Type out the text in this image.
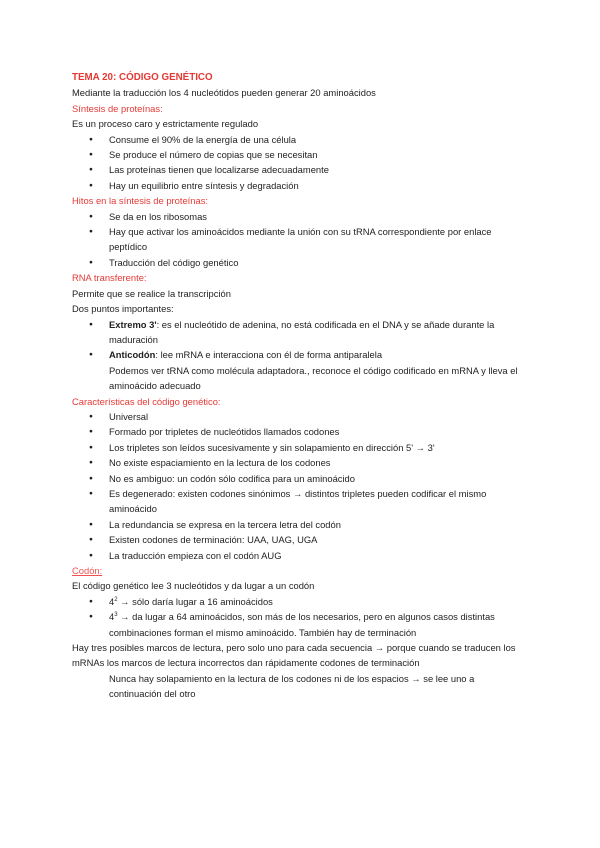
TEMA 20: CÓDIGO GENÉTICO

Mediante la traducción los 4 nucleótidos pueden generar 20 aminoácidos

Síntesis de proteínas:

Es un proceso caro y estrictamente regulado

● Consume el 90% de la energía de una célula
● Se produce el número de copias que se necesitan
● Las proteínas tienen que localizarse adecuadamente
● Hay un equilibrio entre síntesis y degradación

Hitos en la síntesis de proteínas:

● Se da en los ribosomas
● Hay que activar los aminoácidos mediante la unión con su tRNA correspondiente por enlace peptídico
● Traducción del código genético

RNA transferente:

Permite que se realice la transcripción

Dos puntos importantes:

● Extremo 3': es el nucleótido de adenina, no está codificada en el DNA y se añade durante la maduración
● Anticodón: lee mRNA e interacciona con él de forma antiparalela
Podemos ver tRNA como molécula adaptadora., reconoce el código codificado en mRNA y lleva el aminoácido adecuado

Características del código genético:

● Universal
● Formado por tripletes de nucleótidos llamados codones
● Los tripletes son leídos sucesivamente y sin solapamiento en dirección 5' → 3'
● No existe espaciamiento en la lectura de los codones
● No es ambiguo: un codón sólo codifica para un aminoácido
● Es degenerado: existen codones sinónimos → distintos tripletes pueden codificar el mismo aminoácido
● La redundancia se expresa en la tercera letra del codón
● Existen codones de terminación: UAA, UAG, UGA
● La traducción empieza con el codón AUG

Codón:

El código genético lee 3 nucleótidos y da lugar a un codón

● $4^2$ → sólo daría lugar a 16 aminoácidos
● $4^3$ → da lugar a 64 aminoácidos, son más de los necesarios, pero en algunos casos distintas combinaciones forman el mismo aminoácido. También hay de terminación

Hay tres posibles marcos de lectura, pero solo uno para cada secuencia → porque cuando se traducen los mRNAs los marcos de lectura incorrectos dan rápidamente codones de terminación

Nunca hay solapamiento en la lectura de los codones ni de los espacios → se lee uno a continuación del otro
